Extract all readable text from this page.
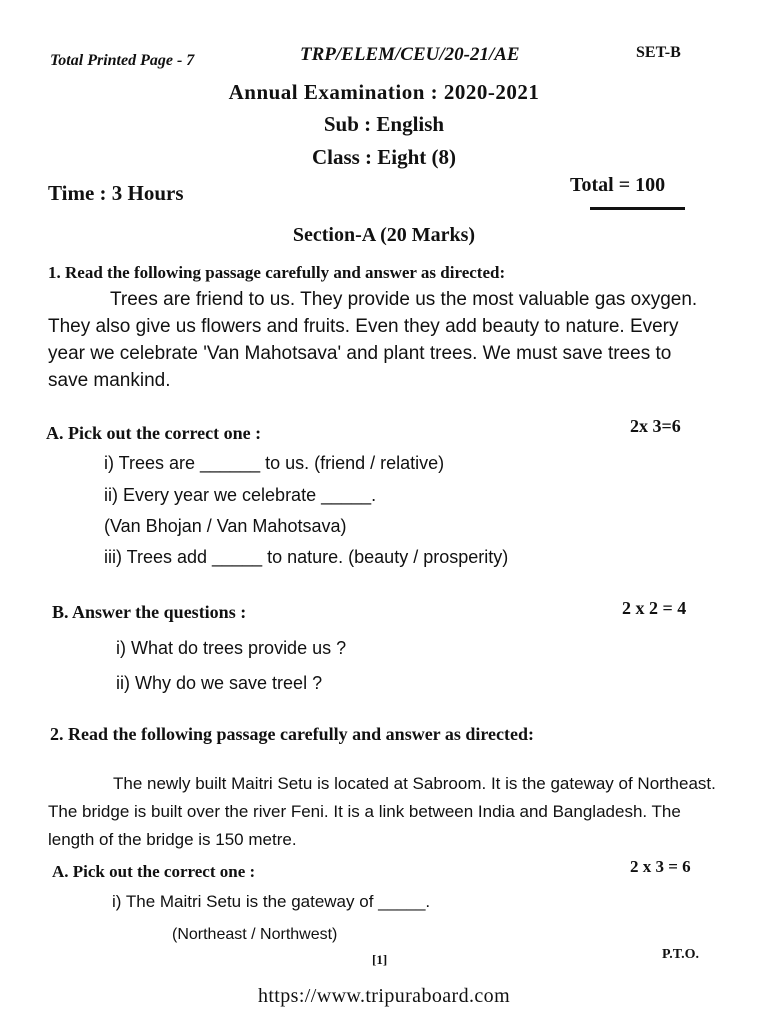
Total Printed Page - 7	TRP/ELEM/CEU/20-21/AE	SET-B
Annual Examination : 2020-2021
Sub : English
Class : Eight (8)
Time : 3 Hours	Total = 100
Section-A (20 Marks)
1. Read the following passage carefully and answer as directed:
Trees are friend to us. They provide us the most valuable gas oxygen. They also give us flowers and fruits. Even they add beauty to nature. Every year we celebrate 'Van Mahotsava' and plant trees. We must save trees to save mankind.
A. Pick out the correct one :	2x 3=6
i) Trees are ______ to us. (friend / relative)
ii) Every year we celebrate _____.
(Van Bhojan / Van Mahotsava)
iii) Trees add _____ to nature. (beauty / prosperity)
B. Answer the questions :	2 x 2 = 4
i) What do trees provide us ?
ii) Why do we save treel ?
2. Read the following passage carefully and answer as directed:
The newly built Maitri Setu is located at Sabroom. It is the gateway of Northeast. The bridge is built over the river Feni. It is a link between India and Bangladesh. The length of the bridge is 150 metre.
A. Pick out the correct one :	2 x 3 = 6
i) The Maitri Setu is the gateway of _____.
(Northeast / Northwest)
[1]	P.T.O.
https://www.tripuraboard.com
